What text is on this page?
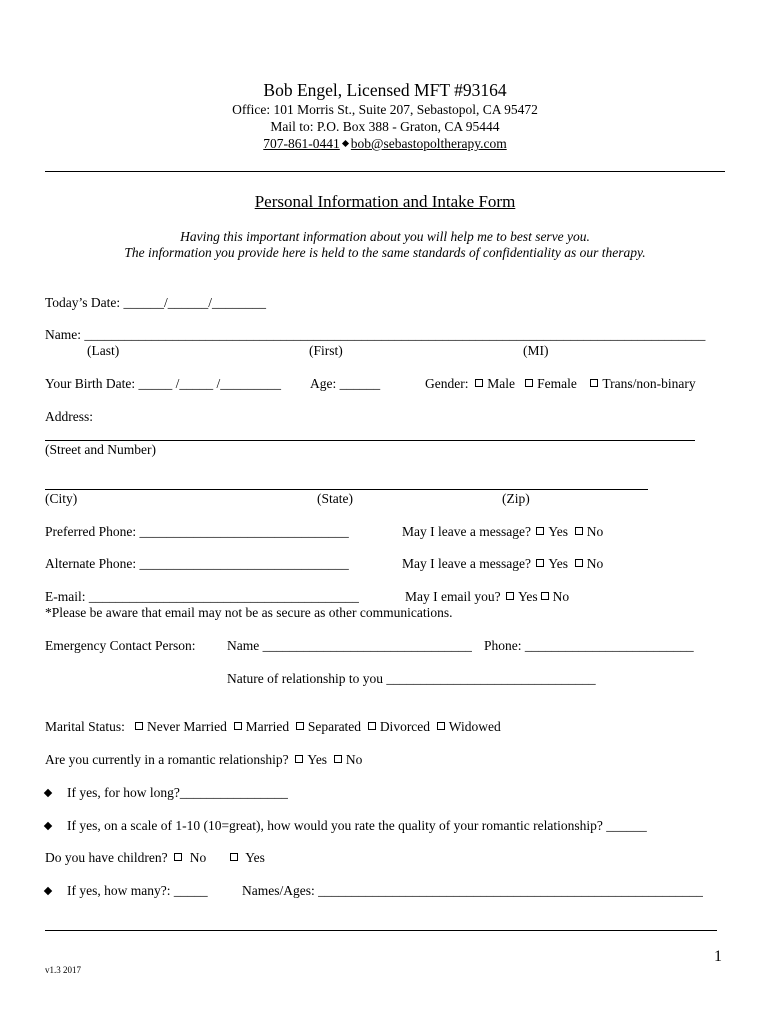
Bob Engel, Licensed MFT #93164
Office: 101 Morris St., Suite 207, Sebastopol, CA 95472
Mail to: P.O. Box 388 - Graton, CA 95444
707-861-0441 bob@sebastopoltherapy.com
Personal Information and Intake Form
Having this important information about you will help me to best serve you.
The information you provide here is held to the same standards of confidentiality as our therapy.
Today’s Date: ______/______/________
Name: ____________________________________________________________________________________________
(Last)	(First)	(MI)
Your Birth Date: _____ /_____ /_________ Age: ______	Gender: Male Female Trans/non-binary
Address:
(Street and Number)
(City)	(State)	(Zip)
Preferred Phone: _______________________________	May I leave a message? Yes No
Alternate Phone: _______________________________	May I leave a message? Yes No
E-mail: ________________________________________	May I email you? Yes No
*Please be aware that email may not be as secure as other communications.
Emergency Contact Person: Name _______________________________ Phone: _________________________
Nature of relationship to you _______________________________
Marital Status: Never Married Married Separated Divorced Widowed
Are you currently in a romantic relationship? Yes No
If yes, for how long?________________
If yes, on a scale of 1-10 (10=great), how would you rate the quality of your romantic relationship? ______
Do you have children? No	Yes
If yes, how many?: _____	Names/Ages: _________________________________________________________
1
v1.3 2017
